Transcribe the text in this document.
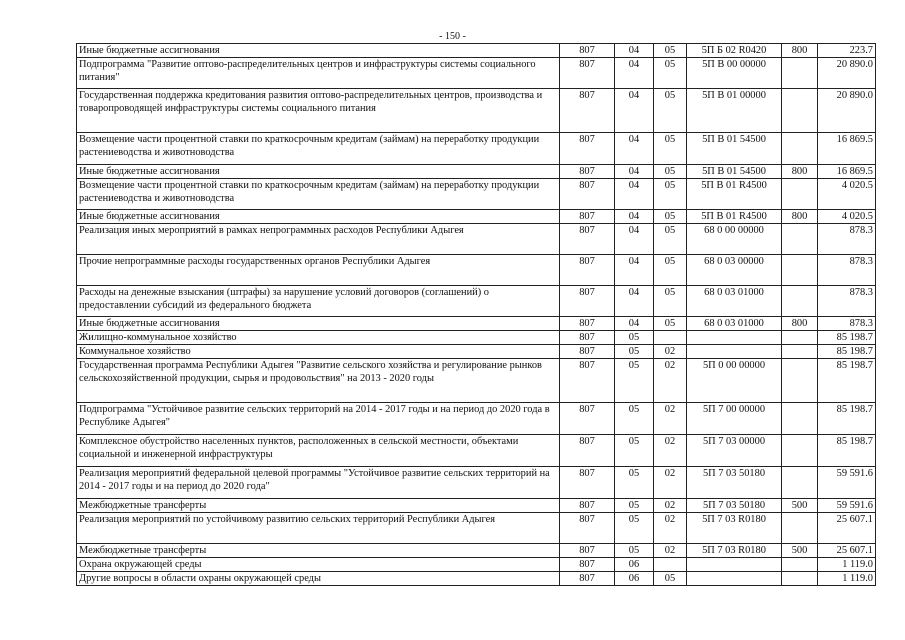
- 150 -
Иные бюджетные ассигнования	807	04	05	5П Б 02 R0420	800	223.7
Подпрограмма "Развитие оптово-распределительных центров и инфраструктуры системы социального питания"	807	04	05	5П В 00 00000		20 890.0
Государственная поддержка кредитования развития оптово-распределительных центров, производства и товаропроводящей инфраструктуры системы социального питания	807	04	05	5П В 01 00000		20 890.0
Возмещение части процентной ставки по краткосрочным кредитам (займам) на переработку продукции растениеводства и животноводства	807	04	05	5П В 01 54500		16 869.5
Иные бюджетные ассигнования	807	04	05	5П В 01 54500	800	16 869.5
Возмещение части процентной ставки по краткосрочным кредитам (займам) на переработку продукции растениеводства и животноводства	807	04	05	5П В 01 R4500		4 020.5
Иные бюджетные ассигнования	807	04	05	5П В 01 R4500	800	4 020.5
Реализация иных мероприятий в рамках непрограммных расходов Республики Адыгея	807	04	05	68 0 00 00000		878.3
Прочие непрограммные расходы государственных органов Республики Адыгея	807	04	05	68 0 03 00000		878.3
Расходы на денежные взыскания (штрафы) за нарушение условий договоров (соглашений) о предоставлении субсидий из федерального бюджета	807	04	05	68 0 03 01000		878.3
Иные бюджетные ассигнования	807	04	05	68 0 03 01000	800	878.3
Жилищно-коммунальное хозяйство	807	05				85 198.7
Коммунальное хозяйство	807	05	02			85 198.7
Государственная программа Республики Адыгея "Развитие сельского хозяйства и регулирование рынков сельскохозяйственной продукции, сырья и продовольствия" на 2013 - 2020 годы	807	05	02	5П 0 00 00000		85 198.7
Подпрограмма "Устойчивое развитие сельских территорий на 2014 - 2017 годы и на период до 2020 года в Республике Адыгея"	807	05	02	5П 7 00 00000		85 198.7
Комплексное обустройство населенных пунктов, расположенных в сельской местности, объектами социальной и инженерной инфраструктуры	807	05	02	5П 7 03 00000		85 198.7
Реализация мероприятий федеральной целевой программы "Устойчивое развитие сельских территорий на 2014 - 2017 годы и на период до 2020 года"	807	05	02	5П 7 03 50180		59 591.6
Межбюджетные трансферты	807	05	02	5П 7 03 50180	500	59 591.6
Реализация мероприятий по устойчивому развитию сельских территорий Республики Адыгея	807	05	02	5П 7 03 R0180		25 607.1
Межбюджетные трансферты	807	05	02	5П 7 03 R0180	500	25 607.1
Охрана окружающей среды	807	06				1 119.0
Другие вопросы в области охраны окружающей среды	807	06	05			1 119.0
